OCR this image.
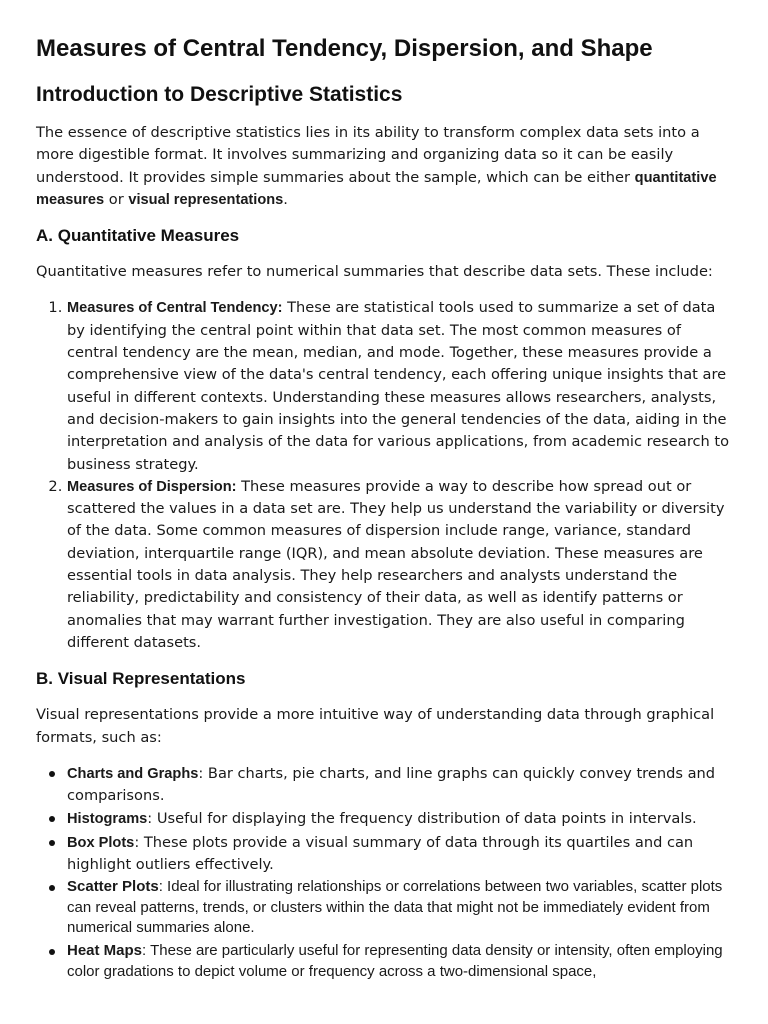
Measures of Central Tendency, Dispersion, and Shape
Introduction to Descriptive Statistics

The essence of descriptive statistics lies in its ability to transform complex data sets into a more digestible format. It involves summarizing and organizing data so it can be easily understood. It provides simple summaries about the sample, which can be either quantitative measures or visual representations.

A. Quantitative Measures

Quantitative measures refer to numerical summaries that describe data sets. These include:

1. Measures of Central Tendency: These are statistical tools used to summarize a set of data by identifying the central point within that data set. The most common measures of central tendency are the mean, median, and mode. Together, these measures provide a comprehensive view of the data's central tendency, each offering unique insights that are useful in different contexts. Understanding these measures allows researchers, analysts, and decision-makers to gain insights into the general tendencies of the data, aiding in the interpretation and analysis of the data for various applications, from academic research to business strategy.
2. Measures of Dispersion: These measures provide a way to describe how spread out or scattered the values in a data set are. They help us understand the variability or diversity of the data. Some common measures of dispersion include range, variance, standard deviation, interquartile range (IQR), and mean absolute deviation. These measures are essential tools in data analysis. They help researchers and analysts understand the reliability, predictability and consistency of their data, as well as identify patterns or anomalies that may warrant further investigation. They are also useful in comparing different datasets.
B. Visual Representations

Visual representations provide a more intuitive way of understanding data through graphical formats, such as:

Charts and Graphs: Bar charts, pie charts, and line graphs can quickly convey trends and comparisons.
Histograms: Useful for displaying the frequency distribution of data points in intervals.
Box Plots: These plots provide a visual summary of data through its quartiles and can highlight outliers effectively.
Scatter Plots: Ideal for illustrating relationships or correlations between two variables, scatter plots can reveal patterns, trends, or clusters within the data that might not be immediately evident from numerical summaries alone.
Heat Maps: These are particularly useful for representing data density or intensity, often employing color gradations to depict volume or frequency across a two-dimensional space,
